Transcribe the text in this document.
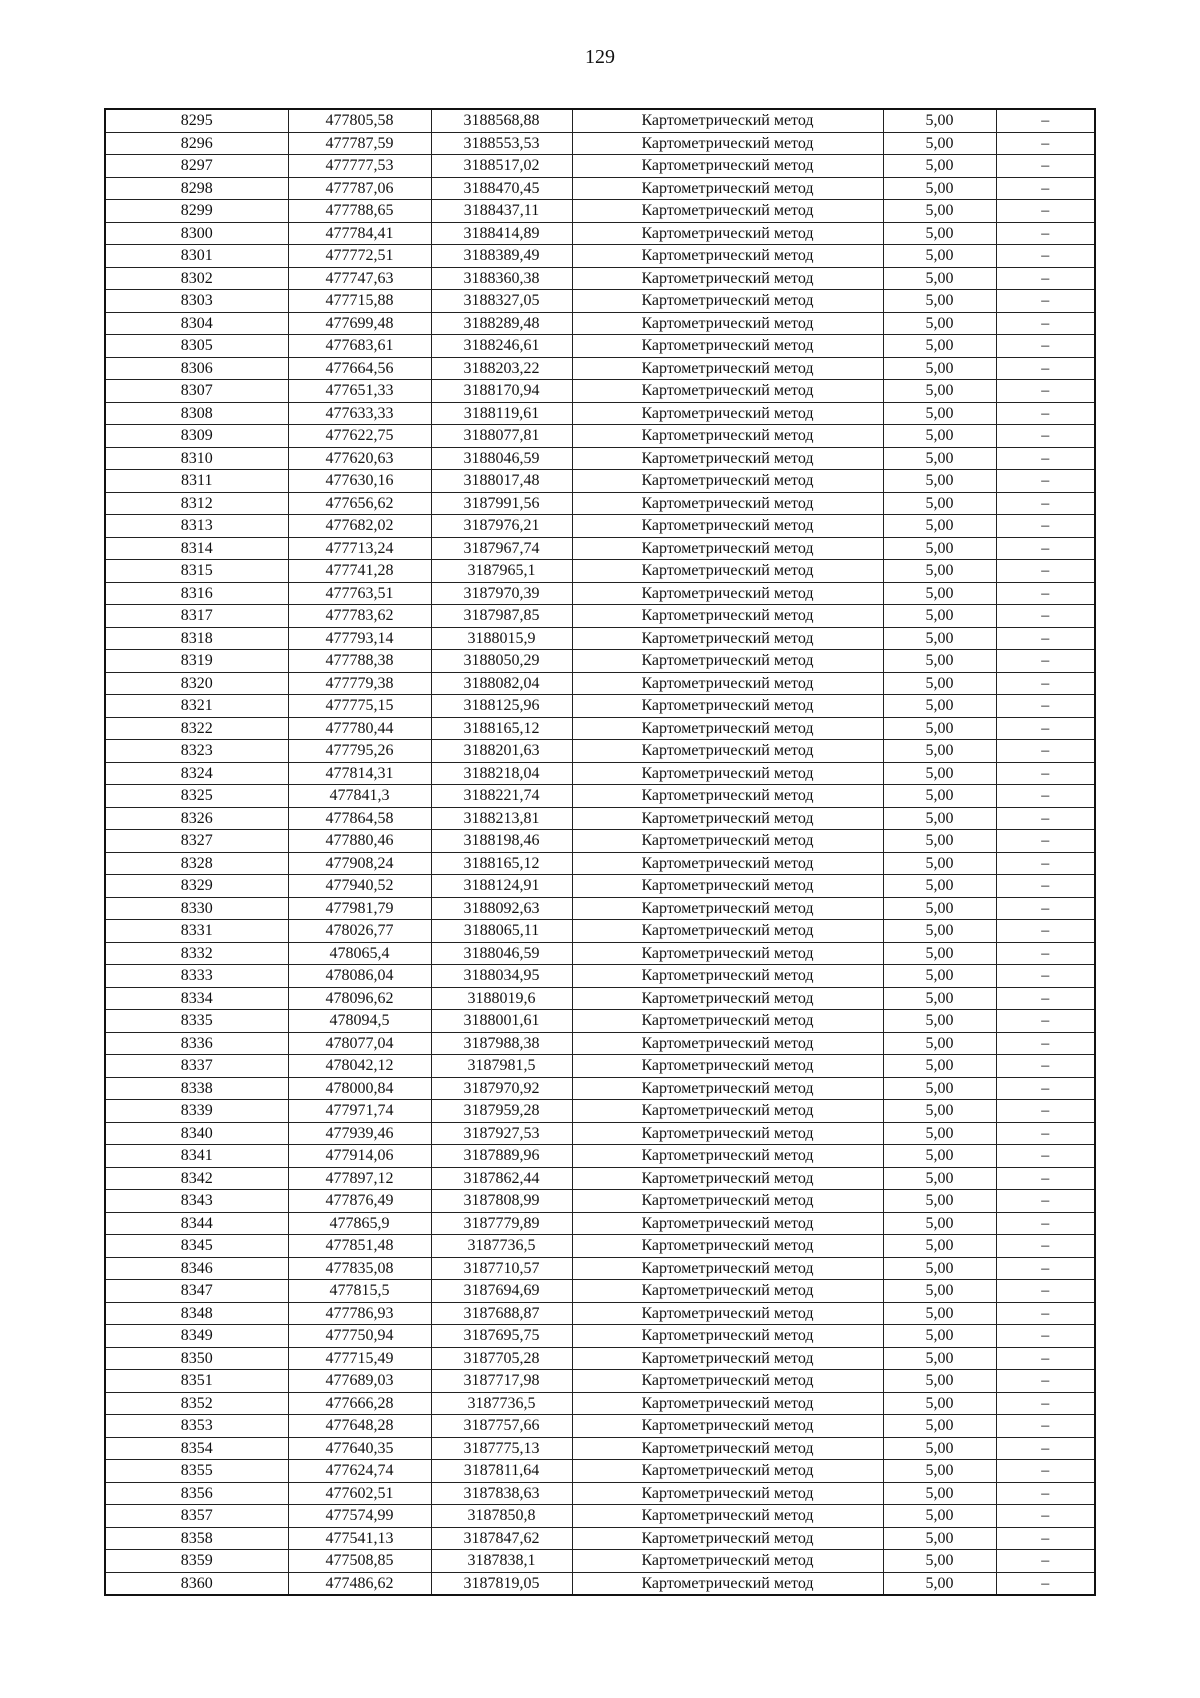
129
8295	477805,58	3188568,88	Картометрический метод	5,00	–
8296	477787,59	3188553,53	Картометрический метод	5,00	–
8297	477777,53	3188517,02	Картометрический метод	5,00	–
8298	477787,06	3188470,45	Картометрический метод	5,00	–
8299	477788,65	3188437,11	Картометрический метод	5,00	–
8300	477784,41	3188414,89	Картометрический метод	5,00	–
8301	477772,51	3188389,49	Картометрический метод	5,00	–
8302	477747,63	3188360,38	Картометрический метод	5,00	–
8303	477715,88	3188327,05	Картометрический метод	5,00	–
8304	477699,48	3188289,48	Картометрический метод	5,00	–
8305	477683,61	3188246,61	Картометрический метод	5,00	–
8306	477664,56	3188203,22	Картометрический метод	5,00	–
8307	477651,33	3188170,94	Картометрический метод	5,00	–
8308	477633,33	3188119,61	Картометрический метод	5,00	–
8309	477622,75	3188077,81	Картометрический метод	5,00	–
8310	477620,63	3188046,59	Картометрический метод	5,00	–
8311	477630,16	3188017,48	Картометрический метод	5,00	–
8312	477656,62	3187991,56	Картометрический метод	5,00	–
8313	477682,02	3187976,21	Картометрический метод	5,00	–
8314	477713,24	3187967,74	Картометрический метод	5,00	–
8315	477741,28	3187965,1	Картометрический метод	5,00	–
8316	477763,51	3187970,39	Картометрический метод	5,00	–
8317	477783,62	3187987,85	Картометрический метод	5,00	–
8318	477793,14	3188015,9	Картометрический метод	5,00	–
8319	477788,38	3188050,29	Картометрический метод	5,00	–
8320	477779,38	3188082,04	Картометрический метод	5,00	–
8321	477775,15	3188125,96	Картометрический метод	5,00	–
8322	477780,44	3188165,12	Картометрический метод	5,00	–
8323	477795,26	3188201,63	Картометрический метод	5,00	–
8324	477814,31	3188218,04	Картометрический метод	5,00	–
8325	477841,3	3188221,74	Картометрический метод	5,00	–
8326	477864,58	3188213,81	Картометрический метод	5,00	–
8327	477880,46	3188198,46	Картометрический метод	5,00	–
8328	477908,24	3188165,12	Картометрический метод	5,00	–
8329	477940,52	3188124,91	Картометрический метод	5,00	–
8330	477981,79	3188092,63	Картометрический метод	5,00	–
8331	478026,77	3188065,11	Картометрический метод	5,00	–
8332	478065,4	3188046,59	Картометрический метод	5,00	–
8333	478086,04	3188034,95	Картометрический метод	5,00	–
8334	478096,62	3188019,6	Картометрический метод	5,00	–
8335	478094,5	3188001,61	Картометрический метод	5,00	–
8336	478077,04	3187988,38	Картометрический метод	5,00	–
8337	478042,12	3187981,5	Картометрический метод	5,00	–
8338	478000,84	3187970,92	Картометрический метод	5,00	–
8339	477971,74	3187959,28	Картометрический метод	5,00	–
8340	477939,46	3187927,53	Картометрический метод	5,00	–
8341	477914,06	3187889,96	Картометрический метод	5,00	–
8342	477897,12	3187862,44	Картометрический метод	5,00	–
8343	477876,49	3187808,99	Картометрический метод	5,00	–
8344	477865,9	3187779,89	Картометрический метод	5,00	–
8345	477851,48	3187736,5	Картометрический метод	5,00	–
8346	477835,08	3187710,57	Картометрический метод	5,00	–
8347	477815,5	3187694,69	Картометрический метод	5,00	–
8348	477786,93	3187688,87	Картометрический метод	5,00	–
8349	477750,94	3187695,75	Картометрический метод	5,00	–
8350	477715,49	3187705,28	Картометрический метод	5,00	–
8351	477689,03	3187717,98	Картометрический метод	5,00	–
8352	477666,28	3187736,5	Картометрический метод	5,00	–
8353	477648,28	3187757,66	Картометрический метод	5,00	–
8354	477640,35	3187775,13	Картометрический метод	5,00	–
8355	477624,74	3187811,64	Картометрический метод	5,00	–
8356	477602,51	3187838,63	Картометрический метод	5,00	–
8357	477574,99	3187850,8	Картометрический метод	5,00	–
8358	477541,13	3187847,62	Картометрический метод	5,00	–
8359	477508,85	3187838,1	Картометрический метод	5,00	–
8360	477486,62	3187819,05	Картометрический метод	5,00	–
